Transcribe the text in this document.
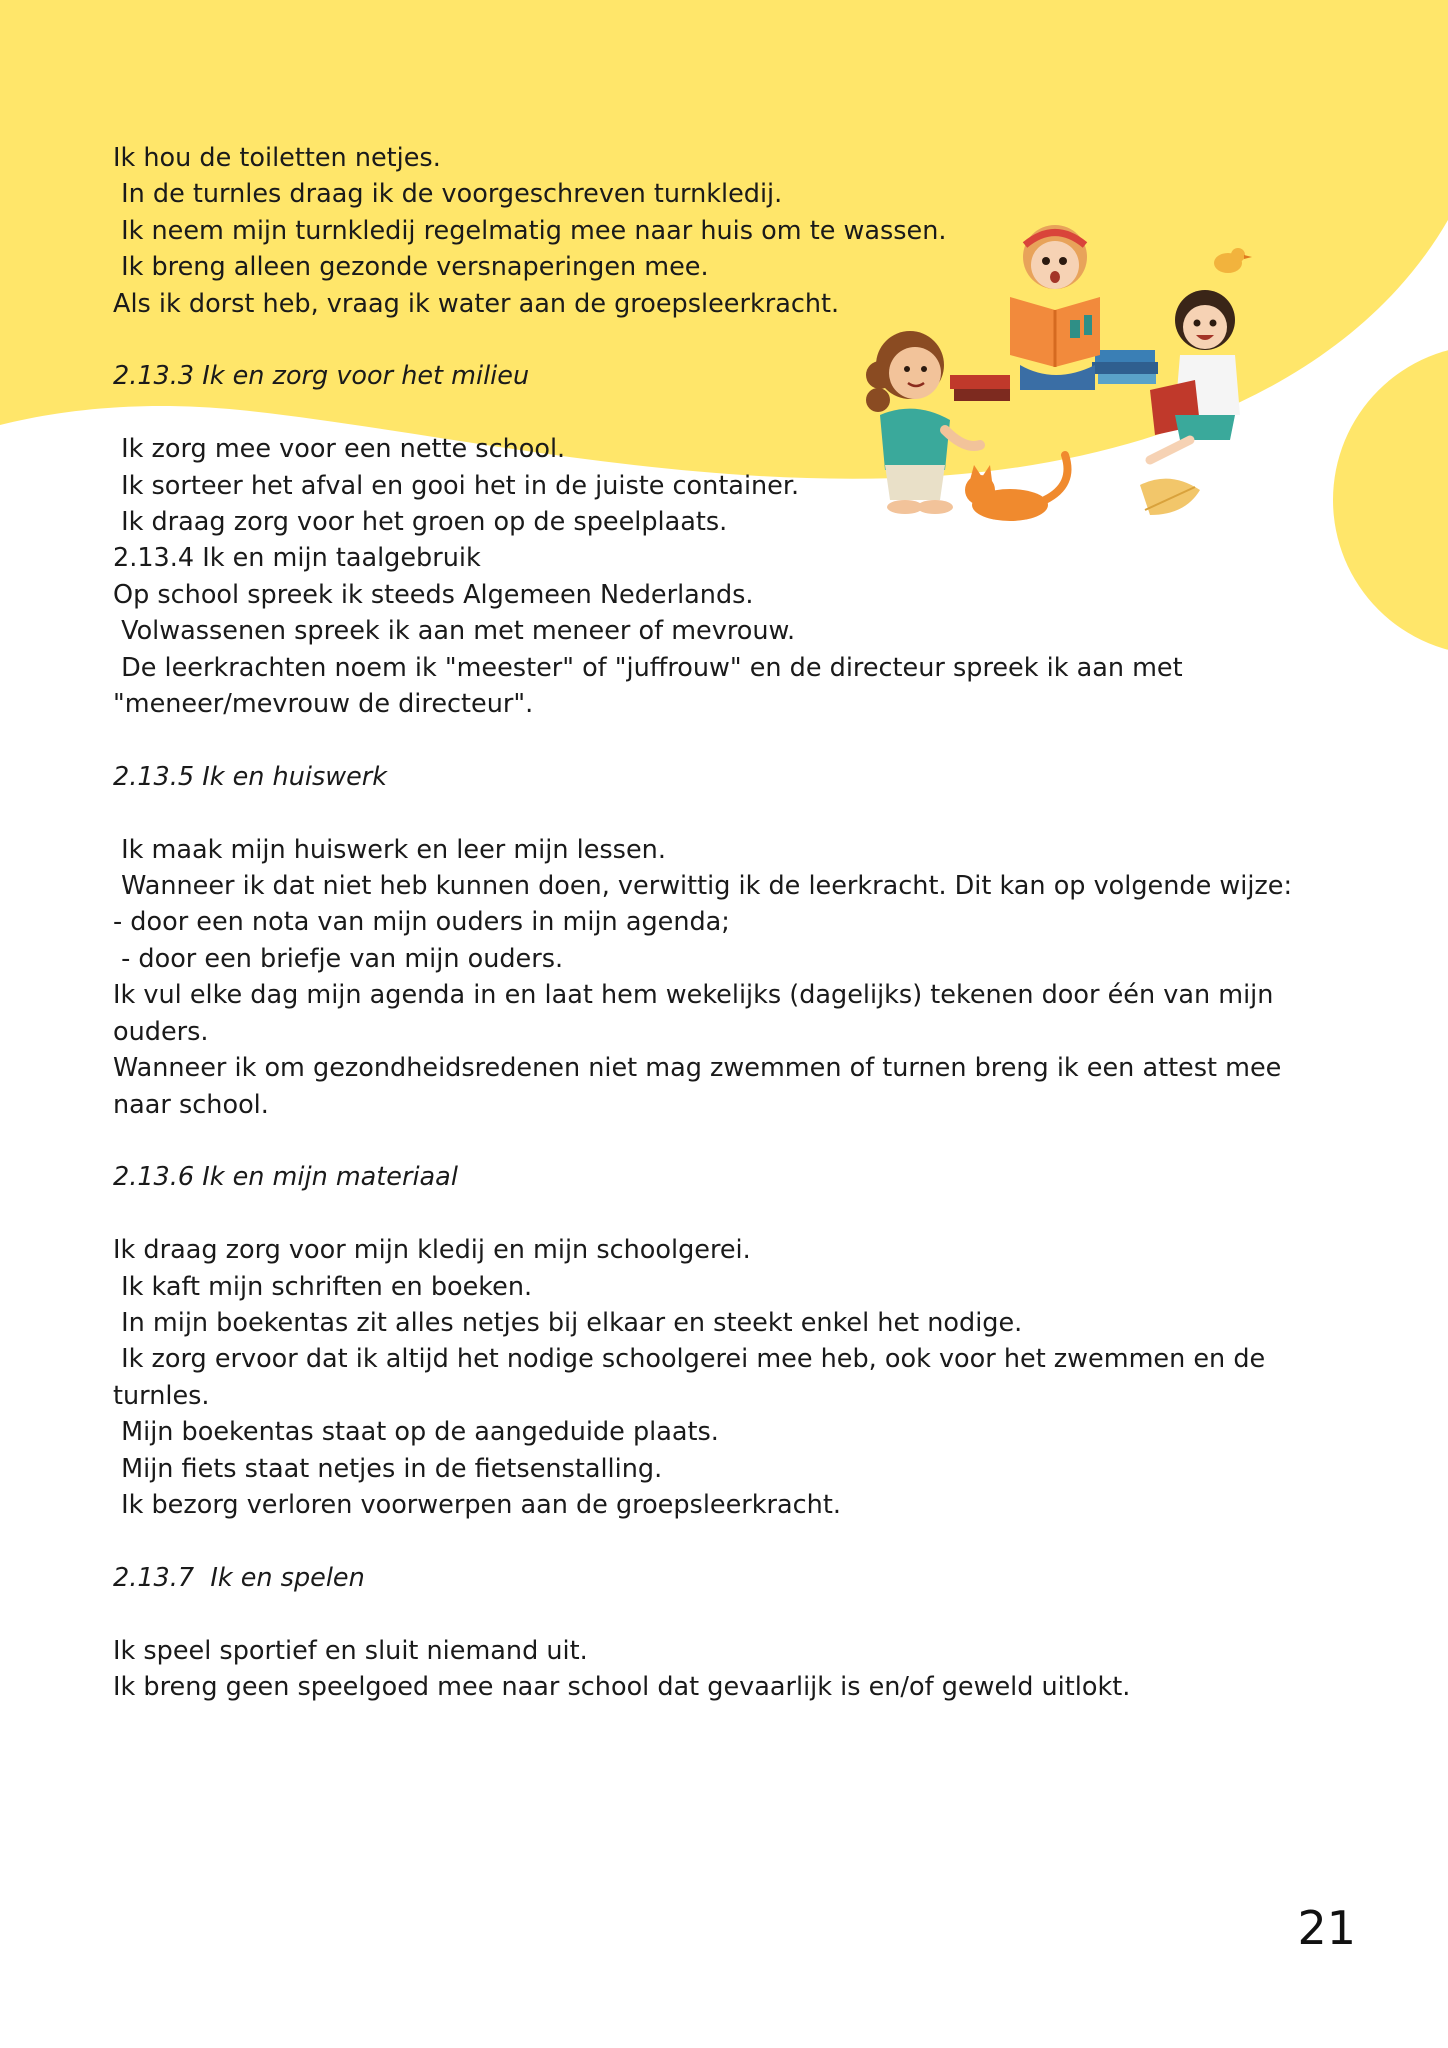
Ik hou de toiletten netjes.
In de turnles draag ik de voorgeschreven turnkledij.
Ik neem mijn turnkledij regelmatig mee naar huis om te wassen.
Ik breng alleen gezonde versnaperingen mee.
Als ik dorst heb, vraag ik water aan de groepsleerkracht.
2.13.3 Ik en zorg voor het milieu
Ik zorg mee voor een nette school.
Ik sorteer het afval en gooi het in de juiste container.
Ik draag zorg voor het groen op de speelplaats.
2.13.4 Ik en mijn taalgebruik
Op school spreek ik steeds Algemeen Nederlands.
Volwassenen spreek ik aan met meneer of mevrouw.
De leerkrachten noem ik "meester" of "juffrouw" en de directeur spreek ik aan met
"meneer/mevrouw de directeur".
2.13.5 Ik en huiswerk
Ik maak mijn huiswerk en leer mijn lessen.
Wanneer ik dat niet heb kunnen doen, verwittig ik de leerkracht. Dit kan op volgende wijze:
- door een nota van mijn ouders in mijn agenda;
- door een briefje van mijn ouders.
Ik vul elke dag mijn agenda in en laat hem wekelijks (dagelijks) tekenen door één van mijn
ouders.
Wanneer ik om gezondheidsredenen niet mag zwemmen of turnen breng ik een attest mee
naar school.
2.13.6 Ik en mijn materiaal
Ik draag zorg voor mijn kledij en mijn schoolgerei.
Ik kaft mijn schriften en boeken.
In mijn boekentas zit alles netjes bij elkaar en steekt enkel het nodige.
Ik zorg ervoor dat ik altijd het nodige schoolgerei mee heb, ook voor het zwemmen en de
turnles.
Mijn boekentas staat op de aangeduide plaats.
Mijn fiets staat netjes in de fietsenstalling.
Ik bezorg verloren voorwerpen aan de groepsleerkracht.
2.13.7  Ik en spelen
Ik speel sportief en sluit niemand uit.
Ik breng geen speelgoed mee naar school dat gevaarlijk is en/of geweld uitlokt.
21
